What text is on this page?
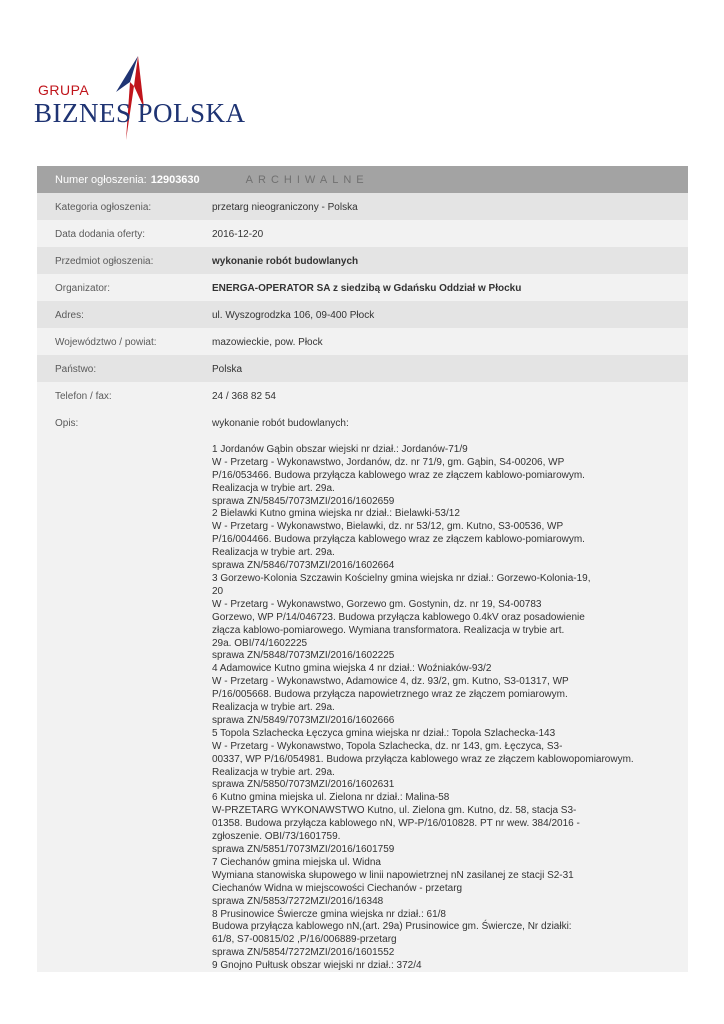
GRUPA
BIZNES POLSKA
Numer ogłoszenia: 12903630	ARCHIWALNE
Kategoria ogłoszenia:	przetarg nieograniczony - Polska
Data dodania oferty:	2016-12-20
Przedmiot ogłoszenia:	wykonanie robót budowlanych
Organizator:	ENERGA-OPERATOR SA z siedzibą w Gdańsku Oddział w Płocku
Adres:	ul. Wyszogrodzka 106, 09-400 Płock
Województwo / powiat:	mazowieckie, pow. Płock
Państwo:	Polska
Telefon / fax:	24 / 368 82 54
Opis:	wykonanie robót budowlanych:
1 Jordanów Gąbin obszar wiejski nr dział.: Jordanów-71/9
W - Przetarg - Wykonawstwo, Jordanów, dz. nr 71/9, gm. Gąbin, S4-00206, WP
P/16/053466. Budowa przyłącza kablowego wraz ze złączem kablowo-pomiarowym.
Realizacja w trybie art. 29a.
sprawa ZN/5845/7073MZI/2016/1602659
2 Bielawki Kutno gmina wiejska nr dział.: Bielawki-53/12
W - Przetarg - Wykonawstwo, Bielawki, dz. nr 53/12, gm. Kutno, S3-00536, WP
P/16/004466. Budowa przyłącza kablowego wraz ze złączem kablowo-pomiarowym.
Realizacja w trybie art. 29a.
sprawa ZN/5846/7073MZI/2016/1602664
3 Gorzewo-Kolonia Szczawin Kościelny gmina wiejska nr dział.: Gorzewo-Kolonia-19,
20
W - Przetarg - Wykonawstwo, Gorzewo gm. Gostynin, dz. nr 19, S4-00783
Gorzewo, WP P/14/046723. Budowa przyłącza kablowego 0.4kV oraz posadowienie
złącza kablowo-pomiarowego. Wymiana transformatora. Realizacja w trybie art.
29a. OBI/74/1602225
sprawa ZN/5848/7073MZI/2016/1602225
4 Adamowice Kutno gmina wiejska 4 nr dział.: Woźniaków-93/2
W - Przetarg - Wykonawstwo, Adamowice 4, dz. 93/2, gm. Kutno, S3-01317, WP
P/16/005668. Budowa przyłącza napowietrznego wraz ze złączem pomiarowym.
Realizacja w trybie art. 29a.
sprawa ZN/5849/7073MZI/2016/1602666
5 Topola Szlachecka Łęczyca gmina wiejska nr dział.: Topola Szlachecka-143
W - Przetarg - Wykonawstwo, Topola Szlachecka, dz. nr 143, gm. Łęczyca, S3-
00337, WP P/16/054981. Budowa przyłącza kablowego wraz ze złączem kablowopomiarowym.
Realizacja w trybie art. 29a.
sprawa ZN/5850/7073MZI/2016/1602631
6 Kutno gmina miejska ul. Zielona nr dział.: Malina-58
W-PRZETARG WYKONAWSTWO Kutno, ul. Zielona gm. Kutno, dz. 58, stacja S3-
01358. Budowa przyłącza kablowego nN, WP-P/16/010828. PT nr wew. 384/2016 -
zgłoszenie. OBI/73/1601759.
sprawa ZN/5851/7073MZI/2016/1601759
7 Ciechanów gmina miejska ul. Widna
Wymiana stanowiska słupowego w linii napowietrznej nN zasilanej ze stacji S2-31
Ciechanów Widna w miejscowości Ciechanów - przetarg
sprawa ZN/5853/7272MZI/2016/16348
8 Prusinowice Świercze gmina wiejska nr dział.: 61/8
Budowa przyłącza kablowego nN,(art. 29a) Prusinowice gm. Świercze, Nr działki:
61/8, S7-00815/02 ,P/16/006889-przetarg
sprawa ZN/5854/7272MZI/2016/1601552
9 Gnojno Pułtusk obszar wiejski nr dział.: 372/4
